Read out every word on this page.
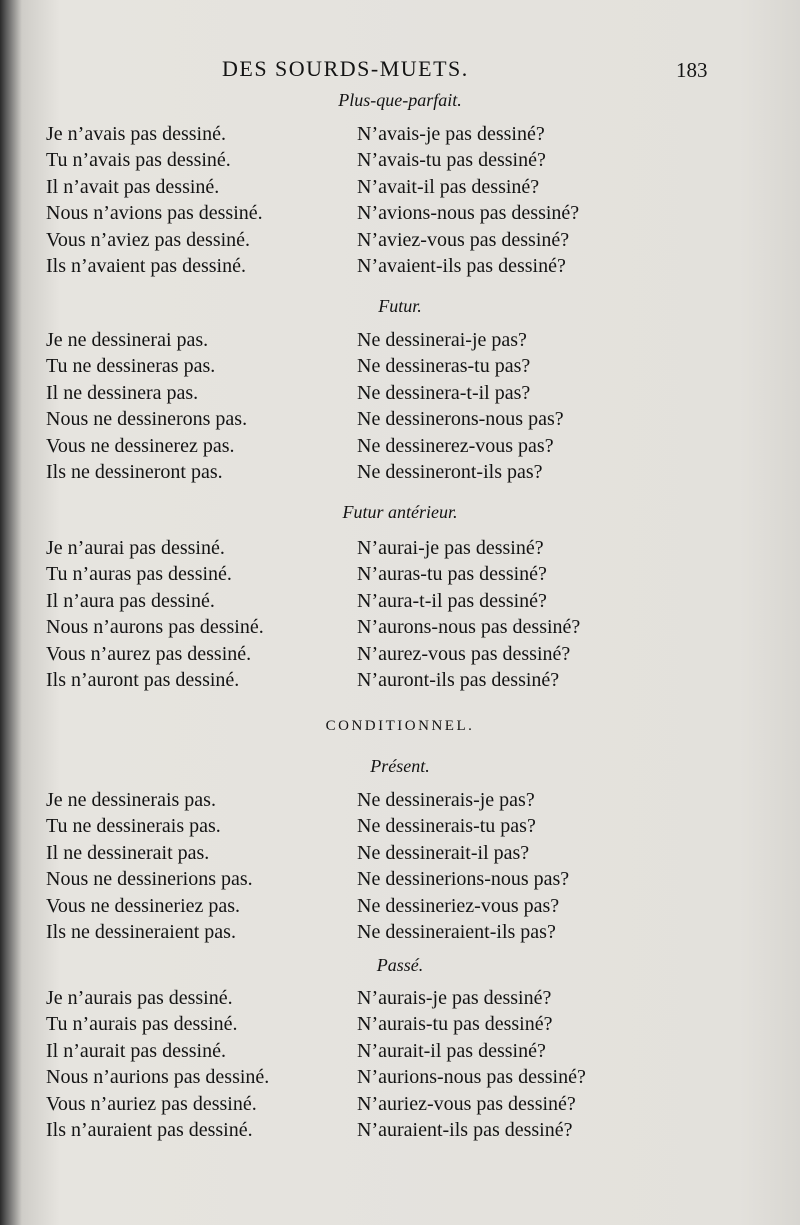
DES SOURDS-MUETS.	183
Plus-que-parfait.
Je n’avais pas dessiné.
Tu n’avais pas dessiné.
Il n’avait pas dessiné.
Nous n’avions pas dessiné.
Vous n’aviez pas dessiné.
Ils n’avaient pas dessiné.
N’avais-je pas dessiné?
N’avais-tu pas dessiné?
N’avait-il pas dessiné?
N’avions-nous pas dessiné?
N’aviez-vous pas dessiné?
N’avaient-ils pas dessiné?
Futur.
Je ne dessinerai pas.
Tu ne dessineras pas.
Il ne dessinera pas.
Nous ne dessinerons pas.
Vous ne dessinerez pas.
Ils ne dessineront pas.
Ne dessinerai-je pas?
Ne dessineras-tu pas?
Ne dessinera-t-il pas?
Ne dessinerons-nous pas?
Ne dessinerez-vous pas?
Ne dessineront-ils pas?
Futur antérieur.
Je n’aurai pas dessiné.
Tu n’auras pas dessiné.
Il n’aura pas dessiné.
Nous n’aurons pas dessiné.
Vous n’aurez pas dessiné.
Ils n’auront pas dessiné.
N’aurai-je pas dessiné?
N’auras-tu pas dessiné?
N’aura-t-il pas dessiné?
N’aurons-nous pas dessiné?
N’aurez-vous pas dessiné?
N’auront-ils pas dessiné?
CONDITIONNEL.
Présent.
Je ne dessinerais pas.
Tu ne dessinerais pas.
Il ne dessinerait pas.
Nous ne dessinerions pas.
Vous ne dessineriez pas.
Ils ne dessineraient pas.
Ne dessinerais-je pas?
Ne dessinerais-tu pas?
Ne dessinerait-il pas?
Ne dessinerions-nous pas?
Ne dessineriez-vous pas?
Ne dessineraient-ils pas?
Passé.
Je n’aurais pas dessiné.
Tu n’aurais pas dessiné.
Il n’aurait pas dessiné.
Nous n’aurions pas dessiné.
Vous n’auriez pas dessiné.
Ils n’auraient pas dessiné.
N’aurais-je pas dessiné?
N’aurais-tu pas dessiné?
N’aurait-il pas dessiné?
N’aurions-nous pas dessiné?
N’auriez-vous pas dessiné?
N’auraient-ils pas dessiné?
